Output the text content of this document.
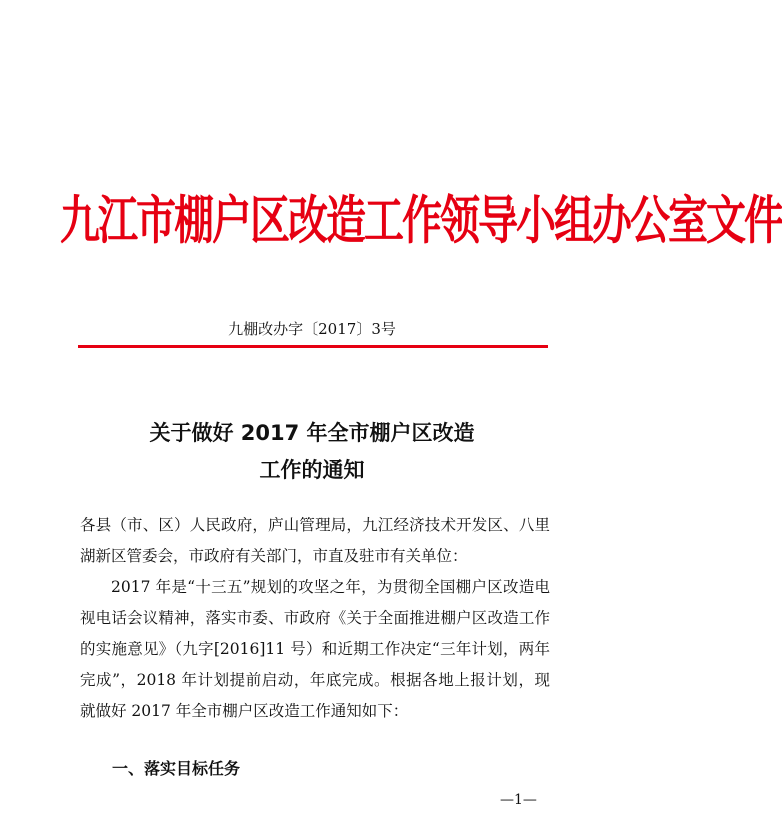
九江市棚户区改造工作领导小组办公室文件
九棚改办字〔2017〕3号
关于做好 2017 年全市棚户区改造
工作的通知

各县（市、区）人民政府，庐山管理局，九江经济技术开发区、八里湖新区管委会，市政府有关部门，市直及驻市有关单位：

2017 年是“十三五”规划的攻坚之年，为贯彻全国棚户区改造电视电话会议精神，落实市委、市政府《关于全面推进棚户区改造工作的实施意见》（九字[2016]11 号）和近期工作决定“三年计划，两年完成”，2018 年计划提前启动，年底完成。根据各地上报计划，现就做好 2017 年全市棚户区改造工作通知如下：

一、落实目标任务
—1—
